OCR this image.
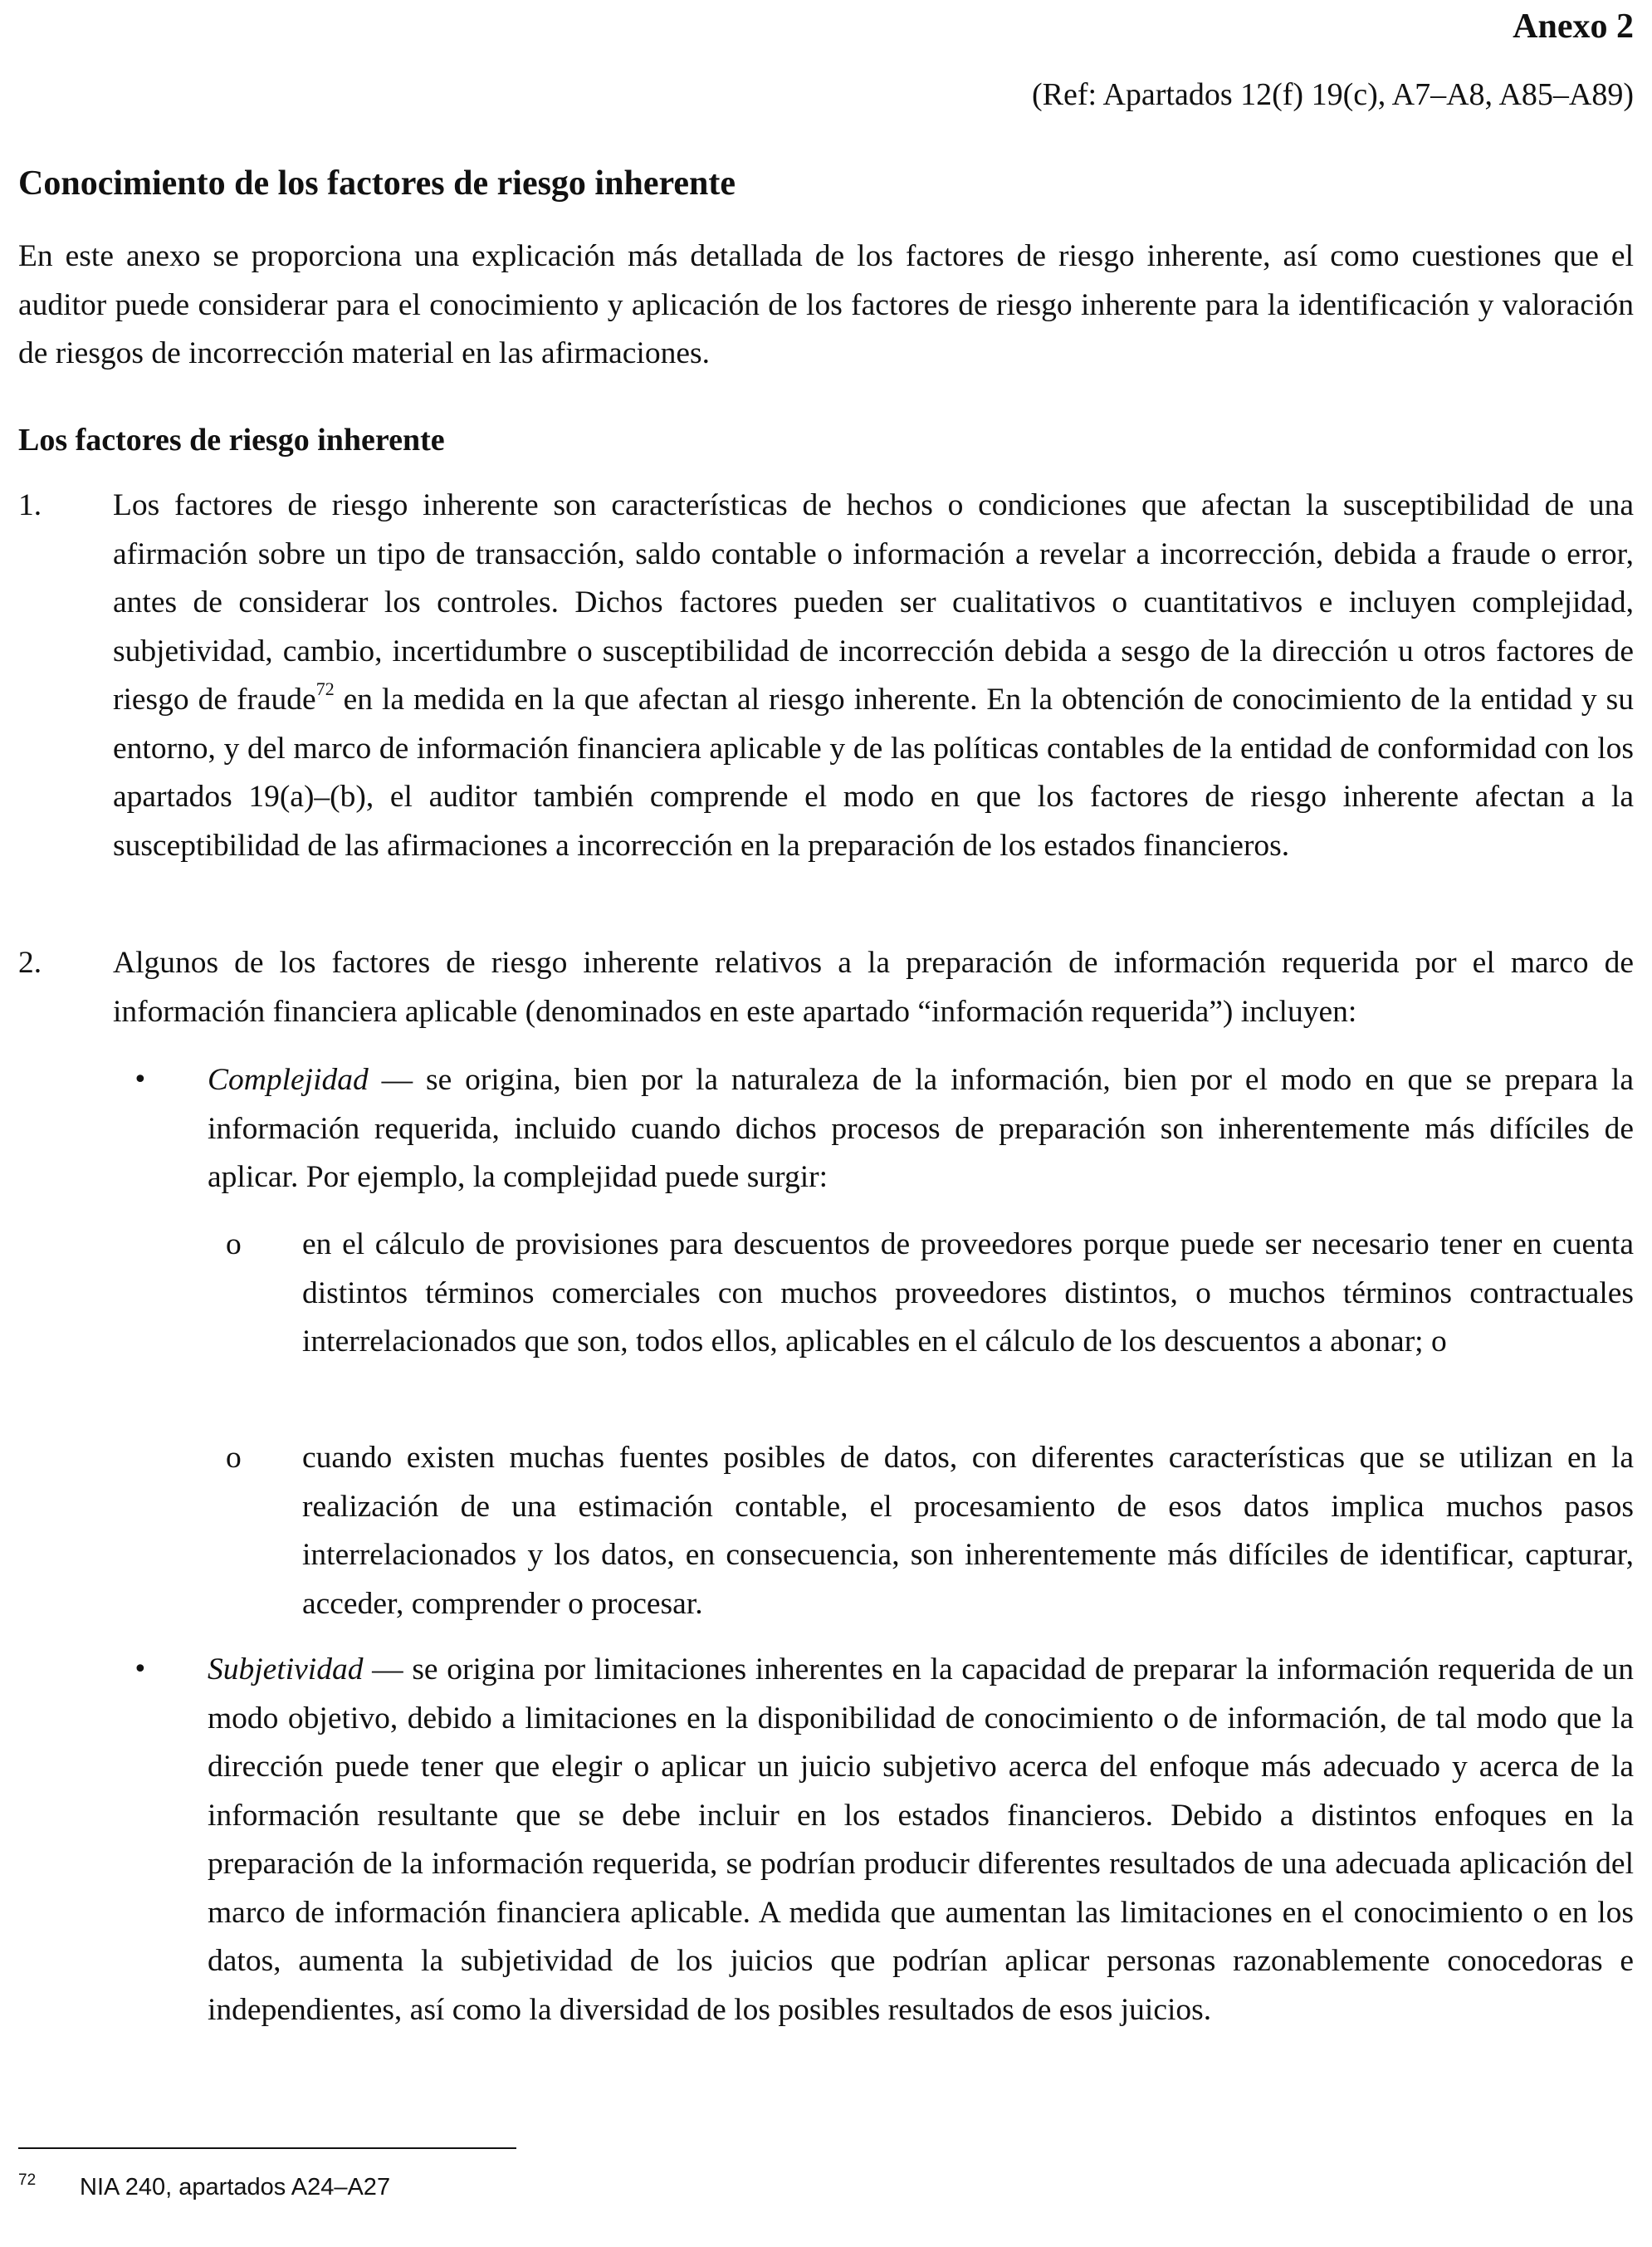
Anexo 2
(Ref: Apartados 12(f) 19(c), A7–A8, A85–A89)
Conocimiento de los factores de riesgo inherente
En este anexo se proporciona una explicación más detallada de los factores de riesgo inherente, así como cuestiones que el auditor puede considerar para el conocimiento y aplicación de los factores de riesgo inherente para la identificación y valoración de riesgos de incorrección material en las afirmaciones.
Los factores de riesgo inherente
1. Los factores de riesgo inherente son características de hechos o condiciones que afectan la susceptibilidad de una afirmación sobre un tipo de transacción, saldo contable o información a revelar a incorrección, debida a fraude o error, antes de considerar los controles. Dichos factores pueden ser cualitativos o cuantitativos e incluyen complejidad, subjetividad, cambio, incertidumbre o susceptibilidad de incorrección debida a sesgo de la dirección u otros factores de riesgo de fraude$^{72}$ en la medida en la que afectan al riesgo inherente. En la obtención de conocimiento de la entidad y su entorno, y del marco de información financiera aplicable y de las políticas contables de la entidad de conformidad con los apartados 19(a)–(b), el auditor también comprende el modo en que los factores de riesgo inherente afectan a la susceptibilidad de las afirmaciones a incorrección en la preparación de los estados financieros.
2. Algunos de los factores de riesgo inherente relativos a la preparación de información requerida por el marco de información financiera aplicable (denominados en este apartado “información requerida”) incluyen:
• Complejidad — se origina, bien por la naturaleza de la información, bien por el modo en que se prepara la información requerida, incluido cuando dichos procesos de preparación son inherentemente más difíciles de aplicar. Por ejemplo, la complejidad puede surgir:
o en el cálculo de provisiones para descuentos de proveedores porque puede ser necesario tener en cuenta distintos términos comerciales con muchos proveedores distintos, o muchos términos contractuales interrelacionados que son, todos ellos, aplicables en el cálculo de los descuentos a abonar; o
o cuando existen muchas fuentes posibles de datos, con diferentes características que se utilizan en la realización de una estimación contable, el procesamiento de esos datos implica muchos pasos interrelacionados y los datos, en consecuencia, son inherentemente más difíciles de identificar, capturar, acceder, comprender o procesar.
• Subjetividad — se origina por limitaciones inherentes en la capacidad de preparar la información requerida de un modo objetivo, debido a limitaciones en la disponibilidad de conocimiento o de información, de tal modo que la dirección puede tener que elegir o aplicar un juicio subjetivo acerca del enfoque más adecuado y acerca de la información resultante que se debe incluir en los estados financieros. Debido a distintos enfoques en la preparación de la información requerida, se podrían producir diferentes resultados de una adecuada aplicación del marco de información financiera aplicable. A medida que aumentan las limitaciones en el conocimiento o en los datos, aumenta la subjetividad de los juicios que podrían aplicar personas razonablemente conocedoras e independientes, así como la diversidad de los posibles resultados de esos juicios.
$^{72}$ NIA 240, apartados A24–A27
